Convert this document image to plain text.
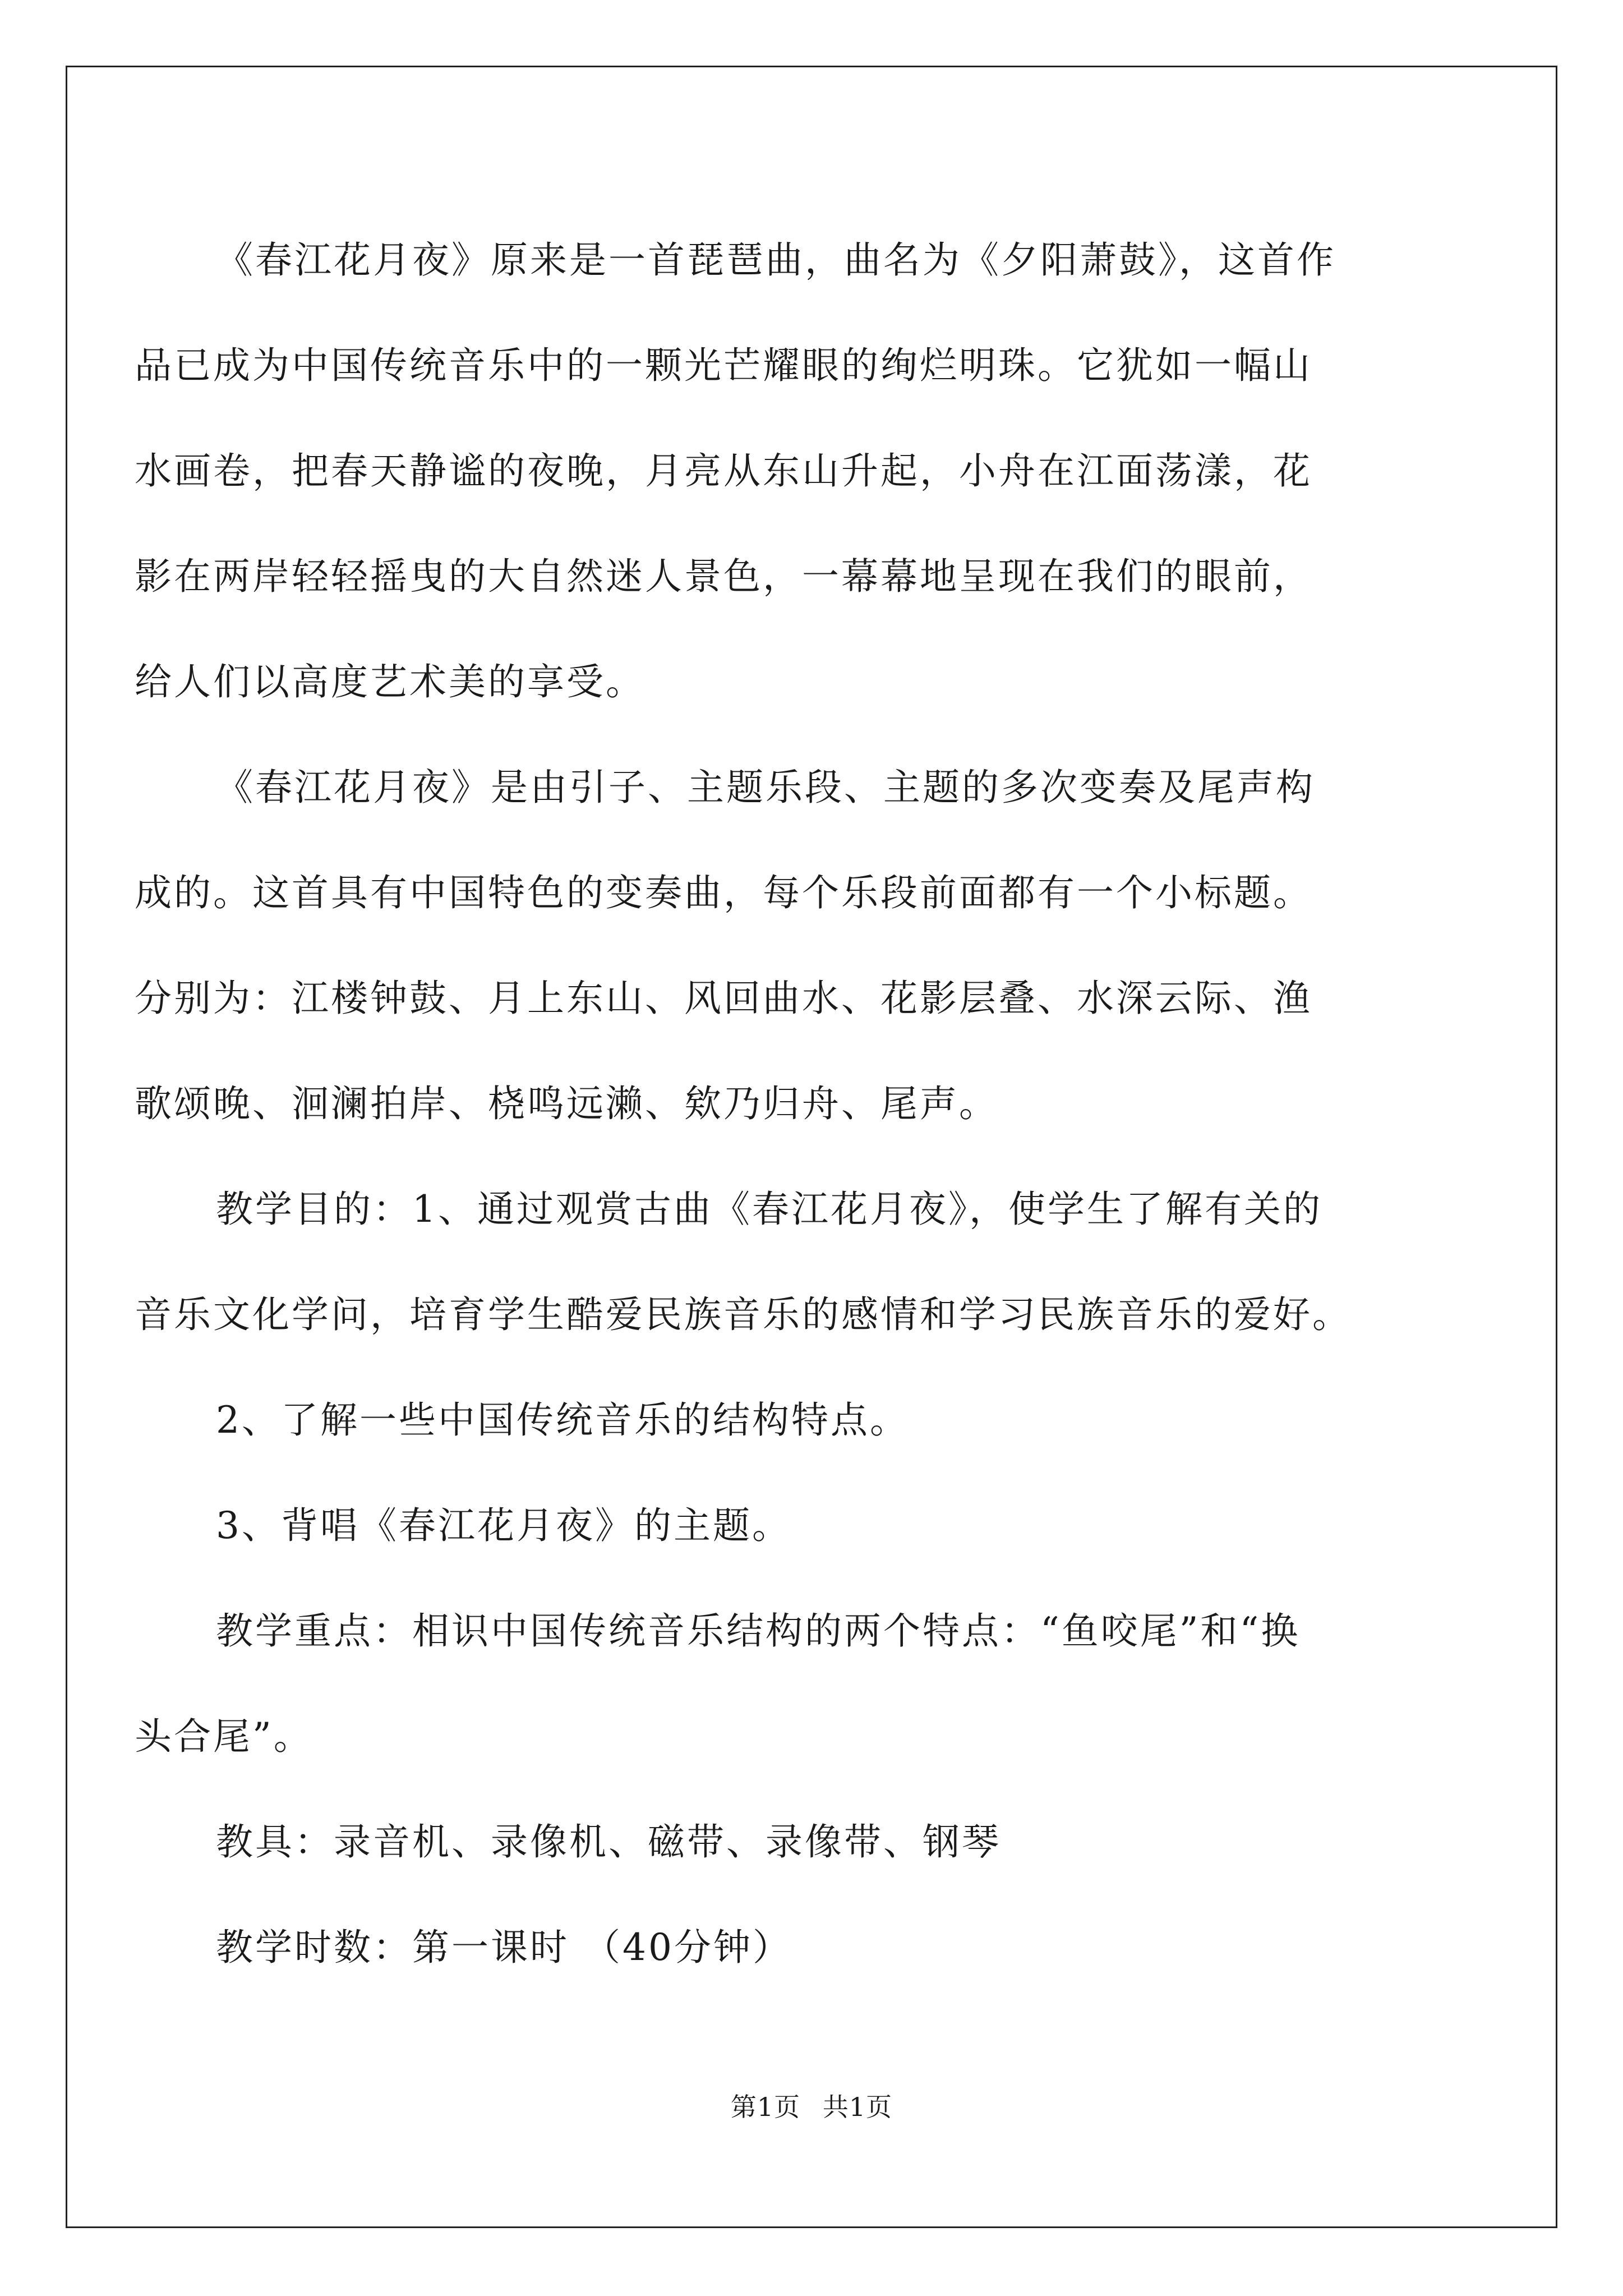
《春江花月夜》原来是一首琵琶曲，曲名为《夕阳萧鼓》，这首作
品已成为中国传统音乐中的一颗光芒耀眼的绚烂明珠。它犹如一幅山
水画卷，把春天静谧的夜晚，月亮从东山升起，小舟在江面荡漾，花
影在两岸轻轻摇曳的大自然迷人景色，一幕幕地呈现在我们的眼前，
给人们以高度艺术美的享受。
《春江花月夜》是由引子、主题乐段、主题的多次变奏及尾声构
成的。这首具有中国特色的变奏曲，每个乐段前面都有一个小标题。
分别为：江楼钟鼓、月上东山、风回曲水、花影层叠、水深云际、渔
歌颂晚、洄澜拍岸、桡鸣远濑、欸乃归舟、尾声。
教学目的：1、通过观赏古曲《春江花月夜》，使学生了解有关的
音乐文化学问，培育学生酷爱民族音乐的感情和学习民族音乐的爱好。
2、了解一些中国传统音乐的结构特点。
3、背唱《春江花月夜》的主题。
教学重点：相识中国传统音乐结构的两个特点：“鱼咬尾”和“换
头合尾”。
教具：录音机、录像机、磁带、录像带、钢琴
教学时数：第一课时 （40分钟）
第1页 共1页
